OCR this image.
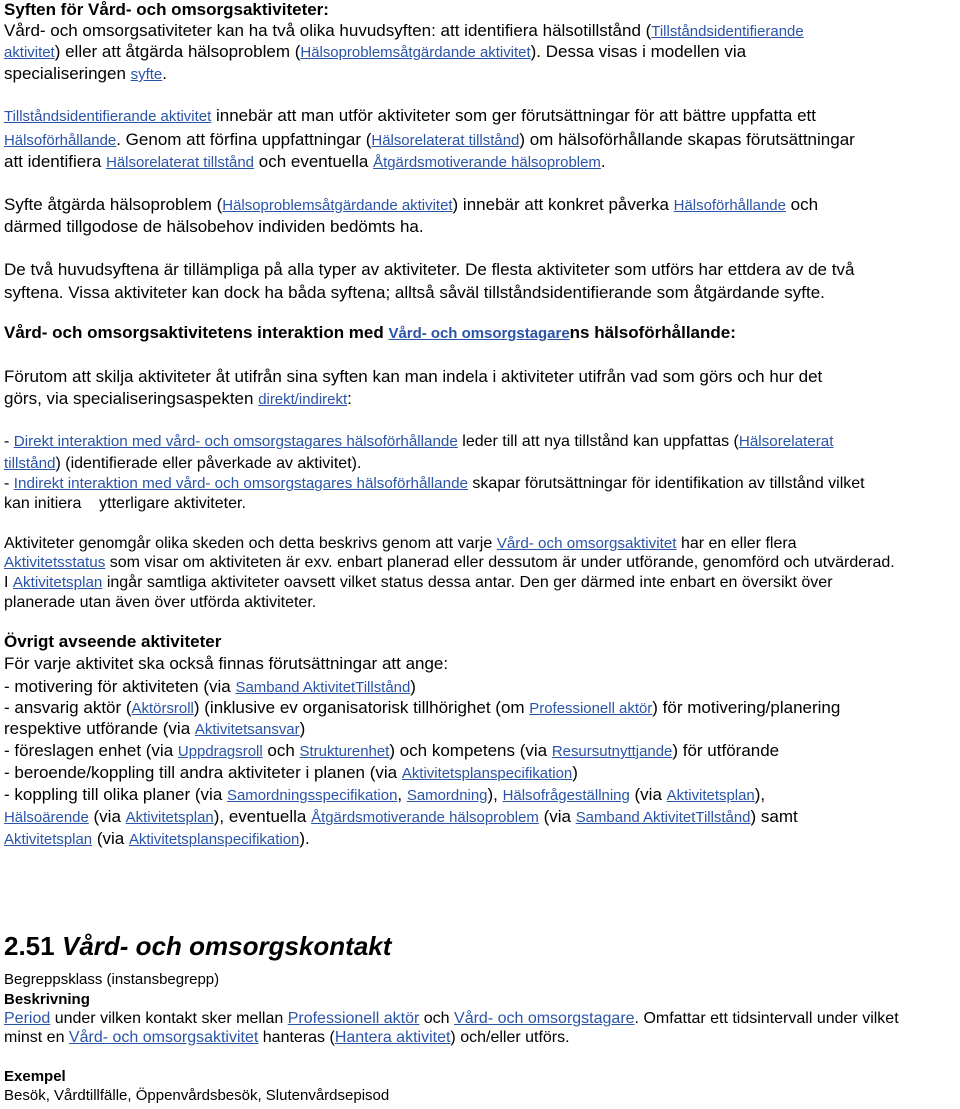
Syften för Vård- och omsorgsaktiviteter:
Vård- och omsorgsativiteter kan ha två olika huvudsyften: att identifiera hälsotillstånd (Tillståndsidentifierande
aktivitet) eller att åtgärda hälsoproblem (Hälsoproblemsåtgärdande aktivitet). Dessa visas i modellen via
specialiseringen syfte.
Tillståndsidentifierande aktivitet innebär att man utför aktiviteter som ger förutsättningar för att bättre uppfatta ett
Hälsoförhållande. Genom att förfina uppfattningar (Hälsorelaterat tillstånd) om hälsoförhållande skapas förutsättningar
att identifiera Hälsorelaterat tillstånd och eventuella Åtgärdsmotiverande hälsoproblem.
Syfte åtgärda hälsoproblem (Hälsoproblemsåtgärdande aktivitet) innebär att konkret påverka Hälsoförhållande och
därmed tillgodose de hälsobehov individen bedömts ha.
De två huvudsyftena är tillämpliga på alla typer av aktiviteter. De flesta aktiviteter som utförs har ettdera av de två
syftena. Vissa aktiviteter kan dock ha båda syftena; alltså såväl tillståndsidentifierande som åtgärdande syfte.
Vård- och omsorgsaktivitetens interaktion med Vård- och omsorgstagarens hälsoförhållande:
Förutom att skilja aktiviteter åt utifrån sina syften kan man indela i aktiviteter utifrån vad som görs och hur det
görs, via specialiseringsaspekten direkt/indirekt:
- Direkt interaktion med vård- och omsorgstagares hälsoförhållande leder till att nya tillstånd kan uppfattas (Hälsorelaterat
tillstånd) (identifierade eller påverkade av aktivitet).
- Indirekt interaktion med vård- och omsorgstagares hälsoförhållande skapar förutsättningar för identifikation av tillstånd vilket
kan initiera    ytterligare aktiviteter.
Aktiviteter genomgår olika skeden och detta beskrivs genom att varje Vård- och omsorgsaktivitet har en eller flera
Aktivitetsstatus som visar om aktiviteten är exv. enbart planerad eller dessutom är under utförande, genomförd och utvärderad.
I Aktivitetsplan ingår samtliga aktiviteter oavsett vilket status dessa antar. Den ger därmed inte enbart en översikt över
planerade utan även över utförda aktiviteter.
Övrigt avseende aktiviteter
För varje aktivitet ska också finnas förutsättningar att ange:
- motivering för aktiviteten (via Samband AktivitetTillstånd)
- ansvarig aktör (Aktörsroll) (inklusive ev organisatorisk tillhörighet (om Professionell aktör) för motivering/planering
respektive utförande (via Aktivitetsansvar)
- föreslagen enhet (via Uppdragsroll och Strukturenhet) och kompetens (via Resursutnyttjande) för utförande
- beroende/koppling till andra aktiviteter i planen (via Aktivitetsplanspecifikation)
- koppling till olika planer (via Samordningsspecifikation, Samordning), Hälsofrågeställning (via Aktivitetsplan),
Hälsoärende (via Aktivitetsplan), eventuella Åtgärdsmotiverande hälsoproblem (via Samband AktivitetTillstånd) samt
Aktivitetsplan (via Aktivitetsplanspecifikation).
2.51 Vård- och omsorgskontakt
Begreppsklass (instansbegrepp)
Beskrivning
Period under vilken kontakt sker mellan Professionell aktör och Vård- och omsorgstagare. Omfattar ett tidsintervall under vilket
minst en Vård- och omsorgsaktivitet hanteras (Hantera aktivitet) och/eller utförs.
Exempel
Besök, Vårdtillfälle, Öppenvårdsbesök, Slutenvårdsepisod
